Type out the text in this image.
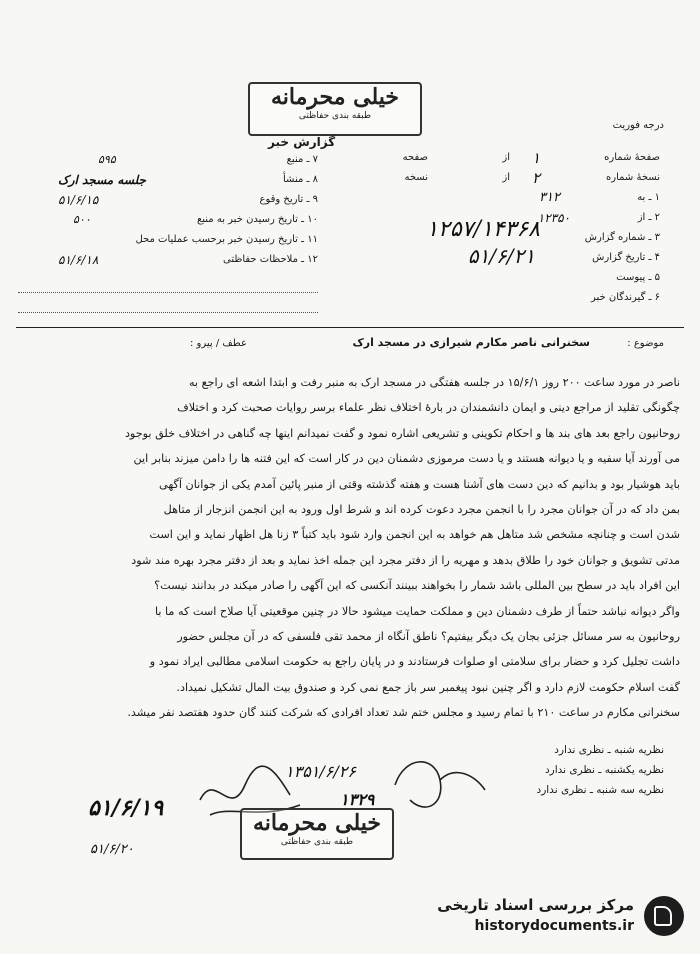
خیلی محرمانه
طبقه بندی حفاظتی
درجه فوریت
گزارش خبر
صفحهٔ شماره
۱
از
صفحه
نسخهٔ شماره
۲
از
نسخه
۱ ـ به
۳۱۲
۲ ـ از
۱۲۳۵۰
۳ ـ شماره گزارش
۱۲۵۷/۱۴۳۶۸
۴ ـ تاریخ گزارش
۵۱/۶/۲۱
۵ ـ پیوست
۶ ـ گیرندگان خبر
۷ ـ منبع
۵۹۵
۸ ـ منشأ
جلسه مسجد ارک
۹ ـ تاریخ وقوع
۵۱/۶/۱۵
۱۰ ـ تاریخ رسیدن خبر به منبع
۵۰۰
۱۱ ـ تاریخ رسیدن خبر برحسب عملیات محل
۱۲ ـ ملاحظات حفاظتی
۵۱/۶/۱۸
موضوع :
سخنرانی ناصر مکارم شیرازی در مسجد ارک
عطف / پیرو :
ناصر در مورد ساعت ۲۰۰ روز ۱۵/۶/۱ در جلسه هفتگی در مسجد ارک به منبر رفت و ابتدا اشعه ای راجع به
چگونگی تقلید از مراجع دینی و ایمان دانشمندان در بارهٔ اختلاف نظر علماء برسر روایات صحبت کرد و اختلاف
روحانیون راجع بعد های بند ها و احکام تکوینی و تشریعی اشاره نمود و گفت نمیدانم اینها چه گناهی در اختلاف خلق بوجود
می آورند آیا سفیه و یا دیوانه هستند و یا دست مرموزی دشمنان دین در کار است که این فتنه ها را دامن میزند بنابر این
باید هوشیار بود و بدانیم که دین دست های آشنا هست و هفته گذشته وقتی از منبر پائین آمدم یکی از جوانان آگهی
بمن داد که در آن جوانان مجرد را با انجمن مجرد دعوت کرده اند و شرط اول ورود به این انجمن انزجار از متاهل
شدن است و چنانچه مشخص شد متاهل هم خواهد به این انجمن وارد شود باید کتباً ۳ زنا هل اظهار نماید و این است
مدتی تشویق و جوانان خود را طلاق بدهد و مهریه را از دفتر مجرد این جمله اخذ نماید و بعد از دفتر مجرد بهره مند شود
این افراد باید در سطح بین المللی باشد شمار را بخواهند ببینند آنکسی که این آگهی را صادر میکند در بدانند نیست؟
واگر دیوانه نباشد حتماً از طرف دشمنان دین و مملکت حمایت میشود حالا در چنین موقعیتی آیا صلاح است که ما با
روحانیون به سر مسائل جزئی بجان یک دیگر بیفتیم؟ ناطق آنگاه از محمد تقی فلسفی که در آن مجلس حضور
داشت تجلیل کرد و حضار برای سلامتی او صلوات فرستادند و در پایان راجع به حکومت اسلامی مطالبی ایراد نمود و
گفت اسلام حکومت لازم دارد و اگر چنین نبود پیغمبر سر باز جمع نمی کرد و صندوق بیت المال تشکیل نمیداد.
سخنرانی مکارم در ساعت ۲۱۰ با تمام رسید و مجلس ختم شد تعداد افرادی که شرکت کنند گان حدود هفتصد نفر میشد.
نظریه شنبه ـ نظری ندارد
نظریه یکشنبه ـ نظری ندارد
نظریه سه شنبه ـ نظری ندارد
۱۳۵۱/۶/۲۶
۱۳۲۹
خیلی محرمانه
طبقه بندی حفاظتی
۵۱/۶/۱۹
۵۱/۶/۲۰
مرکز بررسی اسناد تاریخی
historydocuments.ir
